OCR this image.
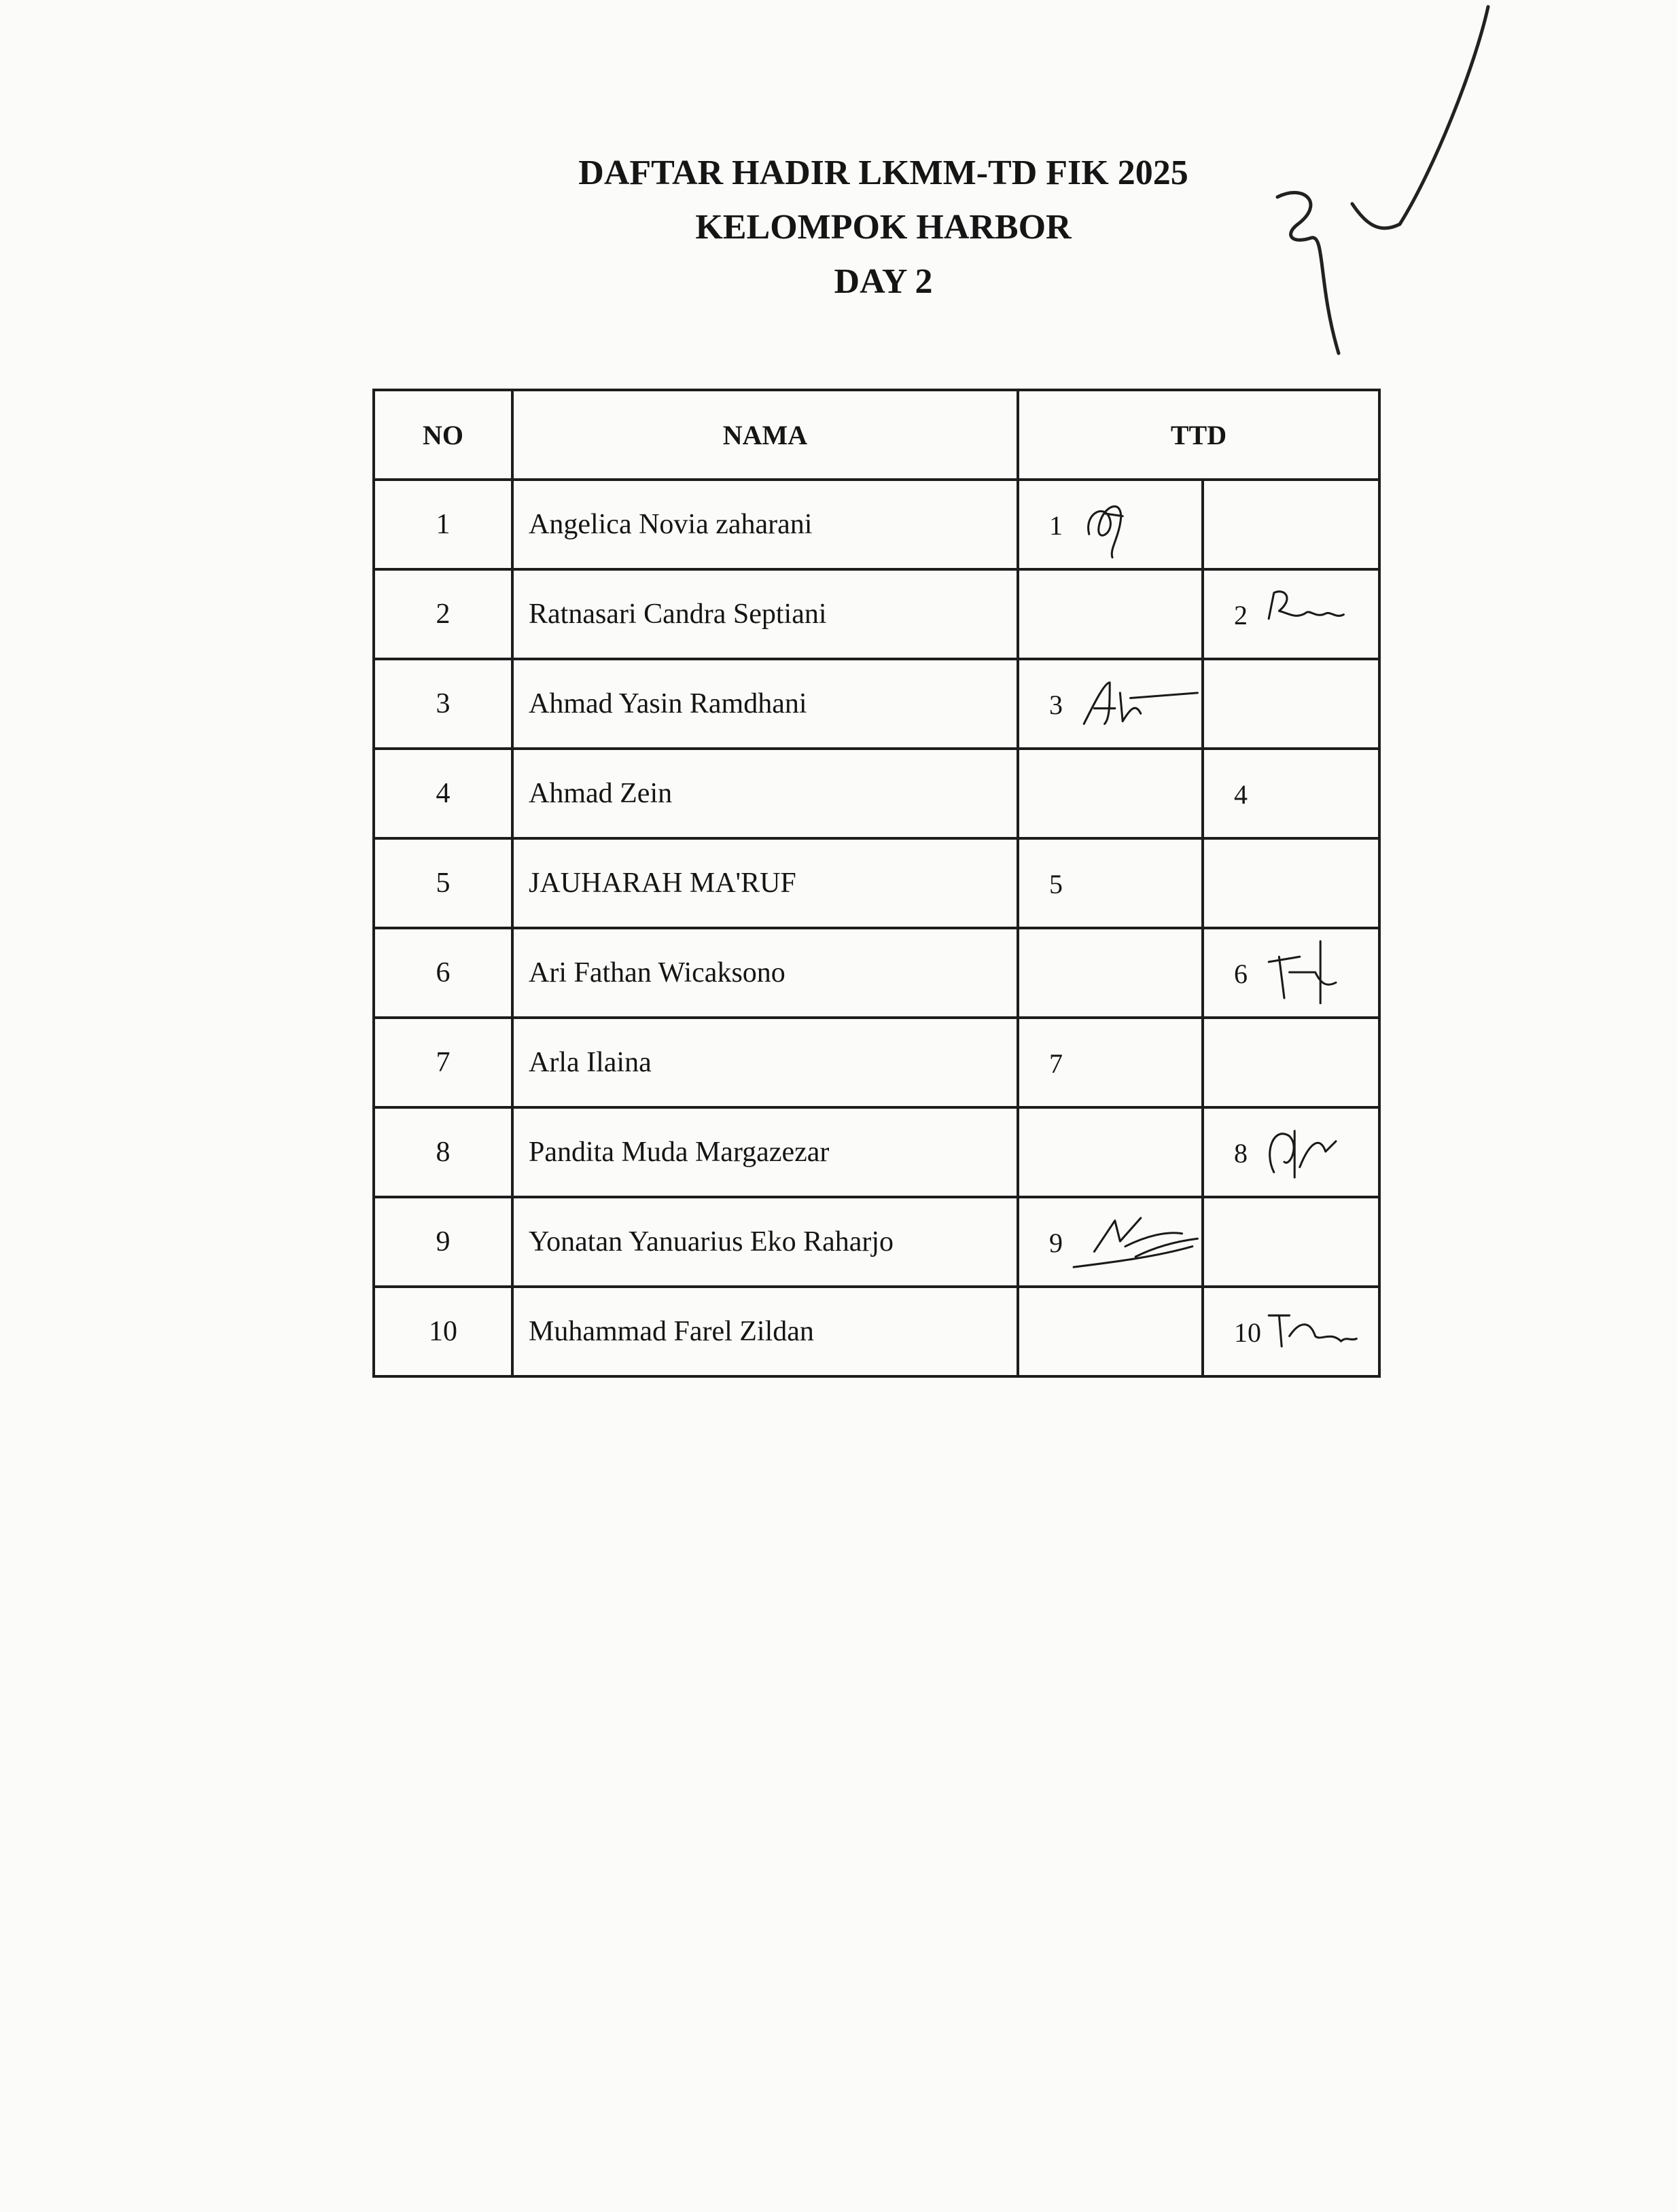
DAFTAR HADIR LKMM-TD FIK 2025
KELOMPOK HARBOR
DAY 2
NO	NAMA	TTD	
1	Angelica Novia zaharani	1	

2	Ratnasari Candra Septiani		2

3	Ahmad Yasin Ramdhani	3	

4	Ahmad Zein		4

5	JAUHARAH MA'RUF	5	

6	Ari Fathan Wicaksono		6

7	Arla Ilaina	7	

8	Pandita Muda Margazezar		8

9	Yonatan Yanuarius Eko Raharjo	9	

10	Muhammad Farel Zildan		10
